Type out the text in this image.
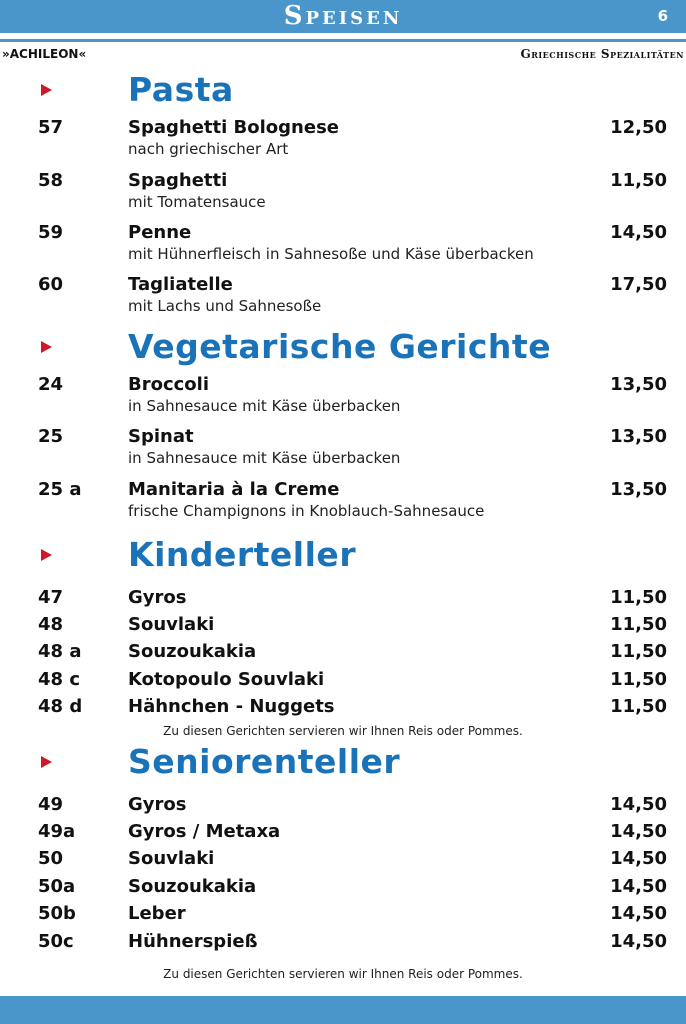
Speisen	6
»ACHILEON«	Griechische Spezialitäten
Pasta
57	Spaghetti Bolognese	12,50
nach griechischer Art
58	Spaghetti	11,50
mit Tomatensauce
59	Penne	14,50
mit Hühnerfleisch in Sahnesoße und Käse überbacken
60	Tagliatelle	17,50
mit Lachs und Sahnesoße
Vegetarische Gerichte
24	Broccoli	13,50
in Sahnesauce mit Käse überbacken
25	Spinat	13,50
in Sahnesauce mit Käse überbacken
25 a	Manitaria à la Creme	13,50
frische Champignons in Knoblauch-Sahnesauce
Kinderteller
47	Gyros	11,50
48	Souvlaki	11,50
48 a	Souzoukakia	11,50
48 c	Kotopoulo Souvlaki	11,50
48 d	Hähnchen - Nuggets	11,50
Zu diesen Gerichten servieren wir Ihnen Reis oder Pommes.
Seniorenteller
49	Gyros	14,50
49a	Gyros / Metaxa	14,50
50	Souvlaki	14,50
50a	Souzoukakia	14,50
50b	Leber	14,50
50c	Hühnerspieß	14,50
Zu diesen Gerichten servieren wir Ihnen Reis oder Pommes.
